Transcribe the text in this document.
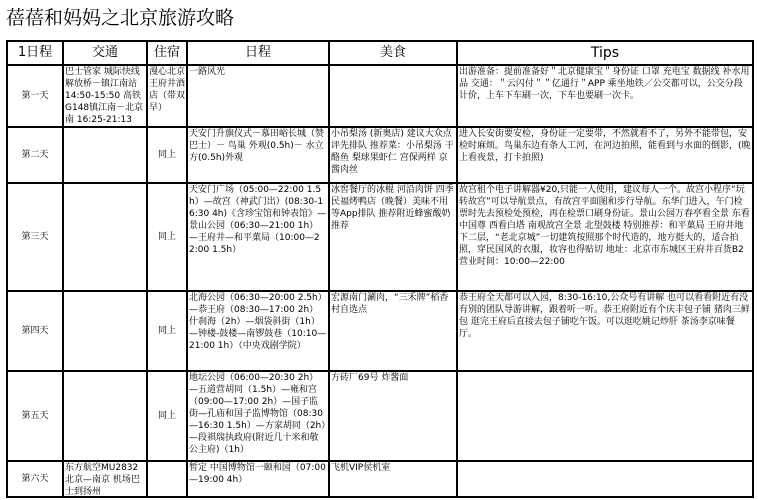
蓓蓓和妈妈之北京旅游攻略
1日程	交通	住宿	日程	美食	Tips
第一天	巴士管家 城际快线 解放桥－镇江南站 14:50-15:50 高铁G148镇江南－北京南 16:25-21:13	漫心北京王府井酒店（带双早）	一路风光		出游准备：提前准备好＂北京健康宝＂身份证 口罩 充电宝 数据线 补水用品 交通：＂云闪付＂＂亿通行＂APP 乘坐地铁／公交都可以，公交分段计价，上车下车刷一次，下车也要刷一次卡。

第二天		同上	天安门升旗仪式－慕田峪长城（赞巴士）－ 鸟巢 外观(0.5h)－ 水立方(0.5h)外观	小吊梨汤 (新奥店) 建议大众点评先排队 推荐菜：小吊梨汤 干酪鱼 梨球果虾仁 宫保两样 京酱肉丝	进入长安街要安检，身份证一定要带，不然就看不了，另外不能带包，安检时麻烦。鸟巢东边有条人工河，在河边拍照，能看到与水面的倒影，(晚上看夜景，打卡拍照)

第三天		同上	天安门广场（05:00—22:00 1.5h）—故宫（神武门出）(08:30-16:30 4h)《含珍宝馆和钟表馆》—景山公园（06:30—21:00 1h）—王府井—和平菓局（10:00—22:00 1.5h）	冰窖餐厅的冰棍 河沿肉饼 四季民福烤鸭店（晚餐）美味不用等App排队 推荐附近蜂蜜酸奶推荐	故宫租个电子讲解器¥20,只能一人使用，建议每人一个。故宫小程序“玩转故宫”可以导航景点，有故宫平面图和步行导航。东华门进入，午门检票时先去预检处预检，再在检票口刷身份证。景山公园万春亭看全景 东看中国尊 西看白塔 南观故宫全景 北望鼓楼 特别推荐：和平菓局 王府井地下二层，“老北京城”一切建筑按照那个时代造的，地方挺大的，适合拍照，穿民国风的衣服，妆容也得贴切 地址：北京市东城区王府井百货B2 营业时间：10:00—22:00

第四天		同上	北海公园（06:30—20:00 2.5h）—恭王府（08:30—17:00 2h）什刹海（2h）—烟袋斜街（1h）—钟楼-鼓楼—南锣鼓巷（10:10—21:00 1h）（中央戏剧学院）	宏源南门涮肉，“三禾牌”稻香村自选点	恭王府全天都可以入园，8:30-16:10,公众号有讲解 也可以看看附近有没有别的团队导游讲解，跟着听一听。恭王府附近有个庆丰包子铺 猪肉三鲜包 逛完王府后直接去包子铺吃午饭。可以逛吃姚记炒肝 茶汤李京味餐厅。

第五天		同上	地坛公园（06:00—20:30 2h）—五道营胡同（1.5h）—雍和宫（09:00—17:00 2h）—国子监街—孔庙和国子监博物馆（08:30—16:30 1.5h）—方家胡同（2h）—段祺瑞执政府(附近几十米和敬公主府)（1h）	方砖厂69号 炸酱面	

第六天	东方航空MU2832 北京—南京 机场巴士到扬州		暂定 中国博物馆一颐和园（07:00—19:00 4h）	飞机VIP侯机室	
